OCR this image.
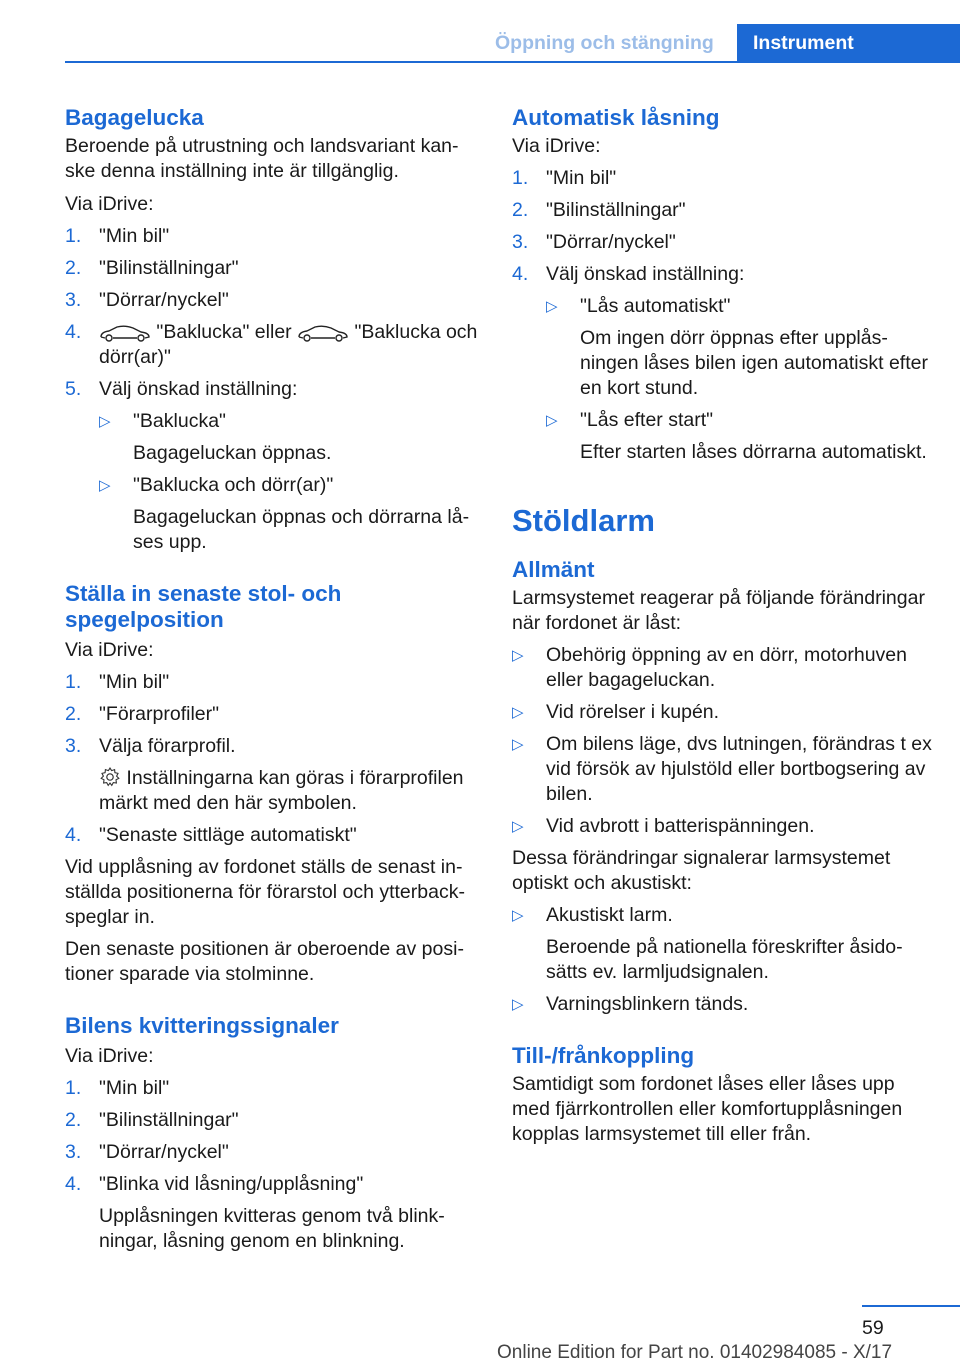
Öppning och stängning	Instrument
Bagagelucka

Beroende på utrustning och landsvariant kanske denna inställning inte är tillgänglig.

Via iDrive:

1. "Min bil"
2. "Bilinställningar"
3. "Dörrar/nyckel"
4.	"Baklucka" eller	"Baklucka och dörr(ar)"
5. Välj önskad inställning:
▷	"Baklucka"
Bagageluckan öppnas.
▷	"Baklucka och dörr(ar)"
Bagageluckan öppnas och dörrarna låses upp.
Ställa in senaste stol- och spegelposition

Via iDrive:

1. "Min bil"
2. "Förarprofiler"
3. Välja förarprofil.
Inställningarna kan göras i förarprofilen märkt med den här symbolen.
4. "Senaste sittläge automatiskt"

Vid upplåsning av fordonet ställs de senast inställda positionerna för förarstol och ytterbackspeglar in.

Den senaste positionen är oberoende av positioner sparade via stolminne.

Bilens kvitteringssignaler

Via iDrive:

1. "Min bil"
2. "Bilinställningar"
3. "Dörrar/nyckel"
4. "Blinka vid låsning/upplåsning"
Upplåsningen kvitteras genom två blinkningar, låsning genom en blinkning.
Automatisk låsning

Via iDrive:

1. "Min bil"
2. "Bilinställningar"
3. "Dörrar/nyckel"
4. Välj önskad inställning:
▷	"Lås automatiskt"
Om ingen dörr öppnas efter upplåsningen låses bilen igen automatiskt efter en kort stund.
▷	"Lås efter start"
Efter starten låses dörrarna automatiskt.
Stöldlarm
Allmänt

Larmsystemet reagerar på följande förändringar när fordonet är låst:

▷	Obehörig öppning av en dörr, motorhuven eller bagageluckan.
▷	Vid rörelser i kupén.
▷	Om bilens läge, dvs lutningen, förändras t ex vid försök av hjulstöld eller bortbogsering av bilen.
▷	Vid avbrott i batterispänningen.

Dessa förändringar signalerar larmsystemet optiskt och akustiskt:

▷	Akustiskt larm.
Beroende på nationella föreskrifter åsidosätts ev. larmljudsignalen.
▷	Varningsblinkern tänds.
Till-/frånkoppling

Samtidigt som fordonet låses eller låses upp med fjärrkontrollen eller komfortupplåsningen kopplas larmsystemet till eller från.

59
Online Edition for Part no. 01402984085 - X/17
